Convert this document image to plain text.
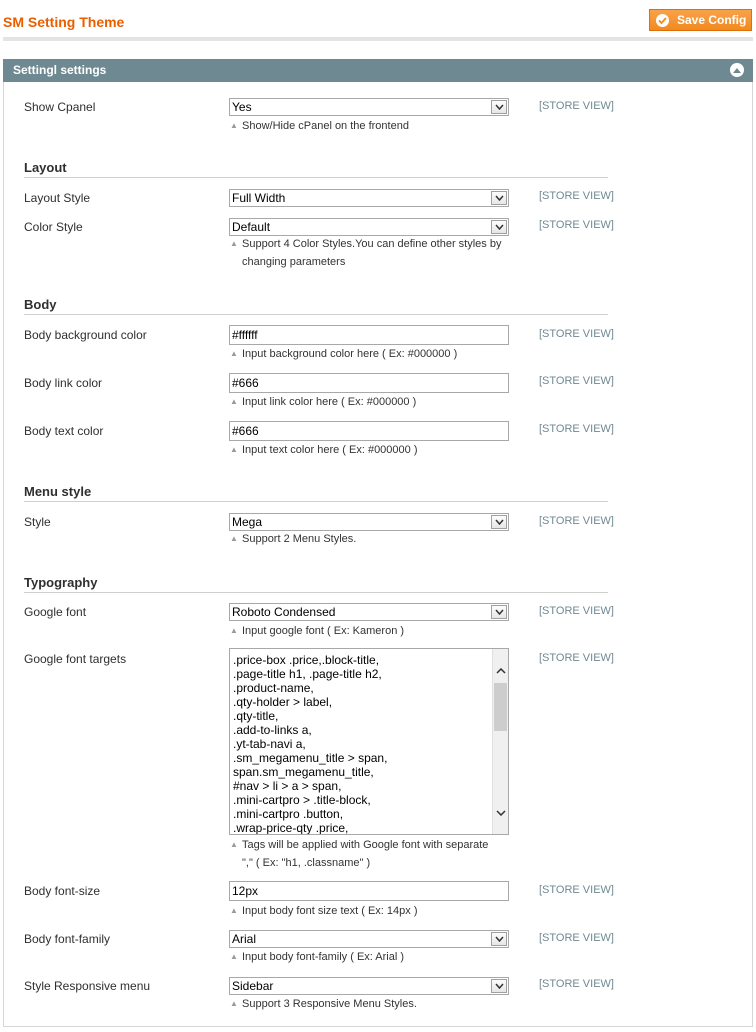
SM Setting Theme	Save Config
Settingl settings
Show Cpanel	Yes	[STORE VIEW]
▲ Show/Hide cPanel on the frontend
Layout
Layout Style	Full Width	[STORE VIEW]
Color Style	Default	[STORE VIEW]
▲ Support 4 Color Styles.You can define other styles by
changing parameters
Body
Body background color	#ffffff	[STORE VIEW]
▲ Input background color here ( Ex: #000000 )
Body link color	#666	[STORE VIEW]
▲ Input link color here ( Ex: #000000 )
Body text color	#666	[STORE VIEW]
▲ Input text color here ( Ex: #000000 )
Menu style
Style	Mega	[STORE VIEW]
▲ Support 2 Menu Styles.
Typography
Google font	Roboto Condensed	[STORE VIEW]
▲ Input google font ( Ex: Kameron )
Google font targets	.price-box .price,.block-title,
.page-title h1, .page-title h2,
.product-name,
.qty-holder > label,
.qty-title,
.add-to-links a,
.yt-tab-navi a,
.sm_megamenu_title > span,
span.sm_megamenu_title,
#nav > li > a > span,
.mini-cartpro > .title-block,
.mini-cartpro .button,
.wrap-price-qty .price,
[STORE VIEW]
▲ Tags will be applied with Google font with separate
"," ( Ex: "h1, .classname" )
Body font-size	12px	[STORE VIEW]
▲ Input body font size text ( Ex: 14px )
Body font-family	Arial	[STORE VIEW]
▲ Input body font-family ( Ex: Arial )
Style Responsive menu	Sidebar	[STORE VIEW]
▲ Support 3 Responsive Menu Styles.
